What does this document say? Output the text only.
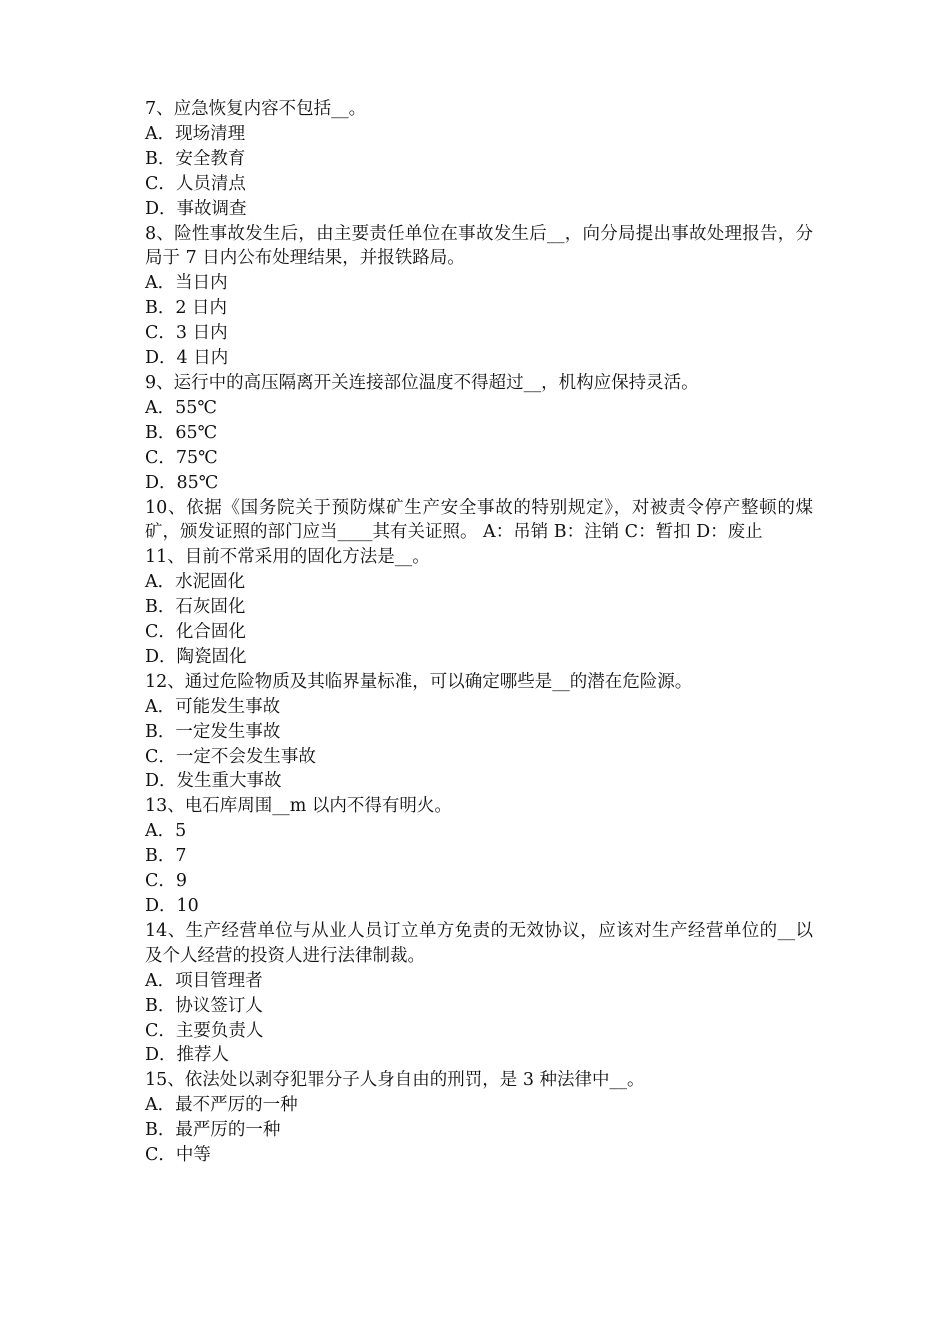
7、应急恢复内容不包括__。

A．现场清理

B．安全教育

C．人员清点

D．事故调查

8、险性事故发生后，由主要责任单位在事故发生后__，向分局提出事故处理报告，分局于 7 日内公布处理结果，并报铁路局。

A．当日内

B．2 日内

C．3 日内

D．4 日内

9、运行中的高压隔离开关连接部位温度不得超过__，机构应保持灵活。

A．55℃

B．65℃

C．75℃

D．85℃

10、依据《国务院关于预防煤矿生产安全事故的特别规定》，对被责令停产整顿的煤矿，颁发证照的部门应当____其有关证照。 A：吊销 B：注销 C：暂扣 D：废止

11、目前不常采用的固化方法是__。

A．水泥固化

B．石灰固化

C．化合固化

D．陶瓷固化

12、通过危险物质及其临界量标准，可以确定哪些是__的潜在危险源。

A．可能发生事故

B．一定发生事故

C．一定不会发生事故

D．发生重大事故

13、电石库周围__m 以内不得有明火。

A．5

B．7

C．9

D．10

14、生产经营单位与从业人员订立单方免责的无效协议，应该对生产经营单位的__以及个人经营的投资人进行法律制裁。

A．项目管理者

B．协议签订人

C．主要负责人

D．推荐人

15、依法处以剥夺犯罪分子人身自由的刑罚，是 3 种法律中__。

A．最不严厉的一种

B．最严厉的一种

C．中等
